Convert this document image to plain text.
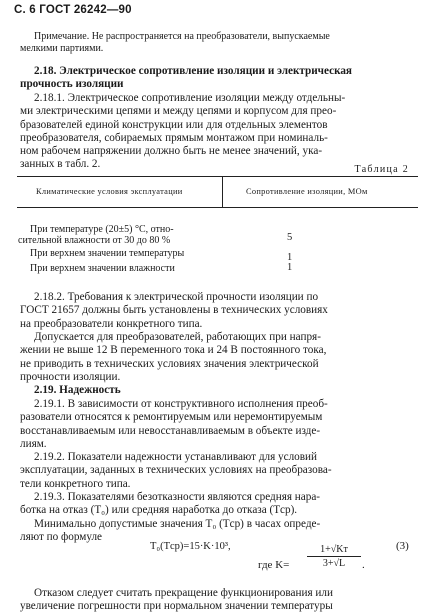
С. 6 ГОСТ 26242—90
Примечание. Не распространяется на преобразователи, выпускаемые
мелкими партиями.
2.18. Электрическое сопротивление изоляции и электрическая
прочность изоляции
2.18.1. Электрическое сопротивление изоляции между отдельны-
ми электрическими цепями и между цепями и корпусом для прео-
бразователей единой конструкции или для отдельных элементов
преобразователя, собираемых прямым монтажом при номиналь-
ном рабочем напряжении должно быть не менее значений, ука-
занных в табл. 2.	Таблица 2
Климатические условия эксплуатации	Сопротивление изоляции, МОм
При температуре (20±5) °С, отно-
сительной влажности от 30 до 80 %	5
При верхнем значении температуры	1
При верхнем значении влажности	1
2.18.2. Требования к электрической прочности изоляции по
ГОСТ 21657 должны быть установлены в технических условиях
на преобразователи конкретного типа.
Допускается для преобразователей, работающих при напря-
жении не выше 12 В переменного тока и 24 В постоянного тока,
не приводить в технических условиях значения электрической
прочности изоляции.
2.19. Надежность
2.19.1. В зависимости от конструктивного исполнения преоб-
разователи относятся к ремонтируемым или неремонтируемым
восстанавливаемым или невосстанавливаемым в объекте изде-
лиям.
2.19.2. Показатели надежности устанавливают для условий
эксплуатации, заданных в технических условиях на преобразова-
тели конкретного типа.
2.19.3. Показателями безотказности являются средняя нара-
ботка на отказ (T₀) или средняя наработка до отказа (Tср).
Минимально допустимые значения T₀ (Tср) в часах опреде-
ляют по формуле
T₀(Tср)=15·K·10³,	(3)
где K=
1+√Kт
3+√L	.
Отказом следует считать прекращение функционирования или
увеличение погрешности при нормальном значении температуры
